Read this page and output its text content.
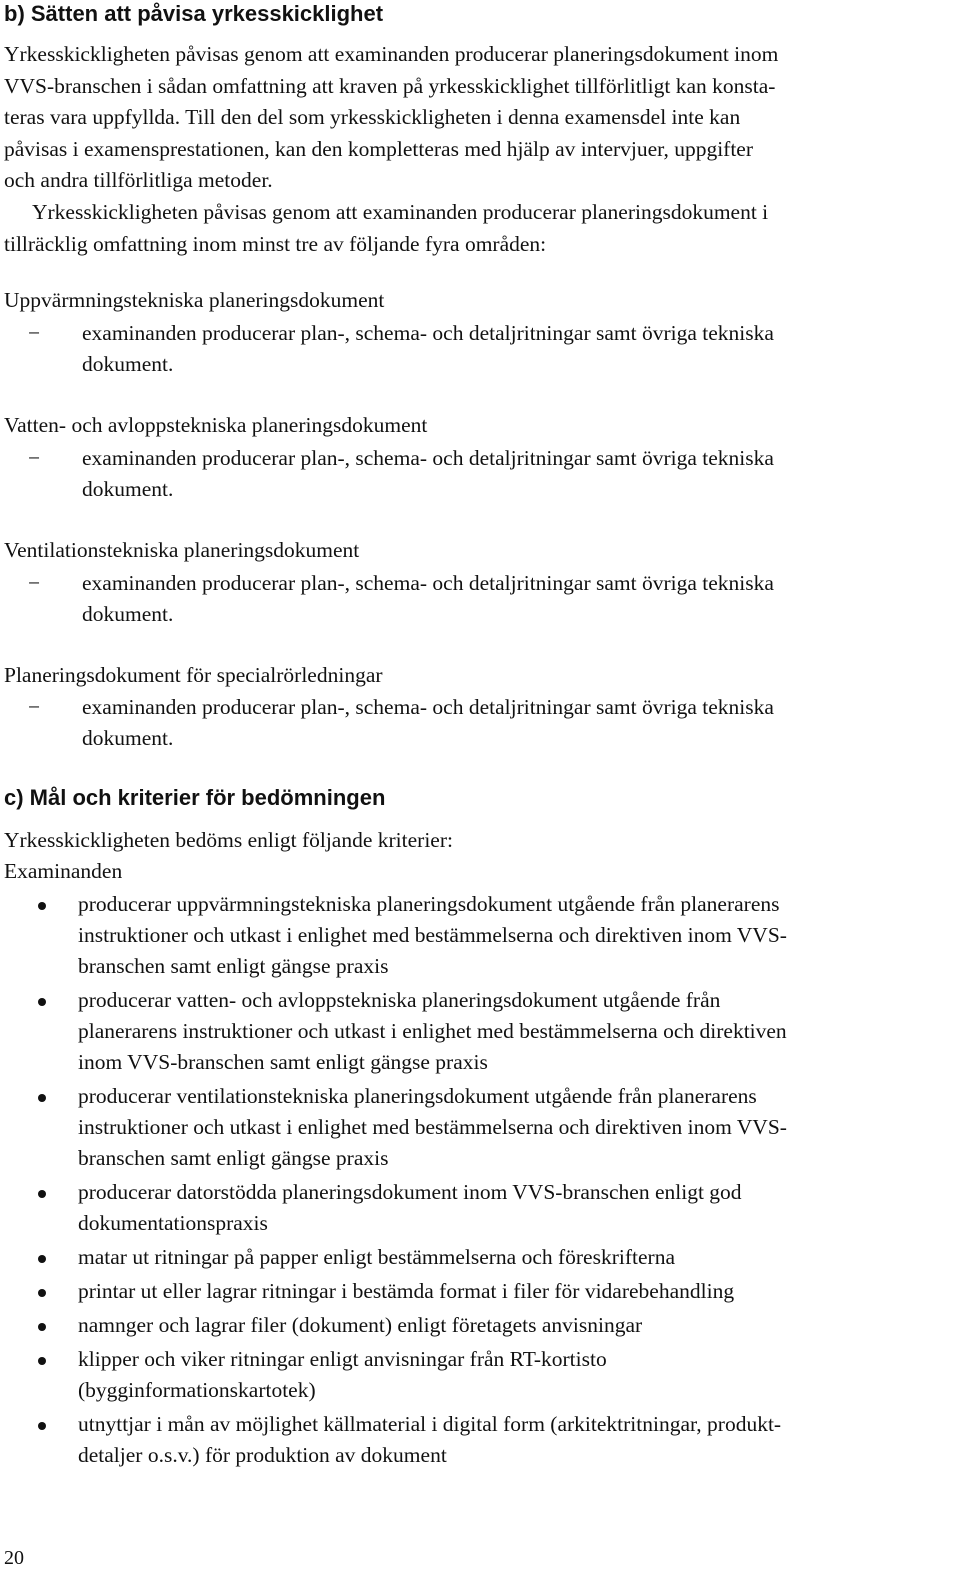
b) Sätten att påvisa yrkesskicklighet
Yrkesskickligheten påvisas genom att examinanden producerar planeringsdokument inom
VVS-branschen i sådan omfattning att kraven på yrkesskicklighet tillförlitligt kan konsta-
teras vara uppfyllda. Till den del som yrkesskickligheten i denna examensdel inte kan
påvisas i examensprestationen, kan den kompletteras med hjälp av intervjuer, uppgifter
och andra tillförlitliga metoder.
Yrkesskickligheten påvisas genom att examinanden producerar planeringsdokument i
tillräcklig omfattning inom minst tre av följande fyra områden:
Uppvärmningstekniska planeringsdokument
−	examinanden producerar plan-, schema- och detaljritningar samt övriga tekniska
dokument.
Vatten- och avloppstekniska planeringsdokument
−	examinanden producerar plan-, schema- och detaljritningar samt övriga tekniska
dokument.
Ventilationstekniska planeringsdokument
−	examinanden producerar plan-, schema- och detaljritningar samt övriga tekniska
dokument.
Planeringsdokument för specialrörledningar
−	examinanden producerar plan-, schema- och detaljritningar samt övriga tekniska
dokument.
c) Mål och kriterier för bedömningen
Yrkesskickligheten bedöms enligt följande kriterier:
Examinanden
producerar uppvärmningstekniska planeringsdokument utgående från planerarens
instruktioner och utkast i enlighet med bestämmelserna och direktiven inom VVS-
branschen samt enligt gängse praxis
producerar vatten- och avloppstekniska planeringsdokument utgående från
planerarens instruktioner och utkast i enlighet med bestämmelserna och direktiven
inom VVS-branschen samt enligt gängse praxis
producerar ventilationstekniska planeringsdokument utgående från planerarens
instruktioner och utkast i enlighet med bestämmelserna och direktiven inom VVS-
branschen samt enligt gängse praxis
producerar datorstödda planeringsdokument inom VVS-branschen enligt god
dokumentationspraxis
matar ut ritningar på papper enligt bestämmelserna och föreskrifterna
printar ut eller lagrar ritningar i bestämda format i filer för vidarebehandling
namnger och lagrar filer (dokument) enligt företagets anvisningar
klipper och viker ritningar enligt anvisningar från RT-kortisto
(bygginformationskartotek)
utnyttjar i mån av möjlighet källmaterial i digital form (arkitektritningar, produkt-
detaljer o.s.v.) för produktion av dokument
20
